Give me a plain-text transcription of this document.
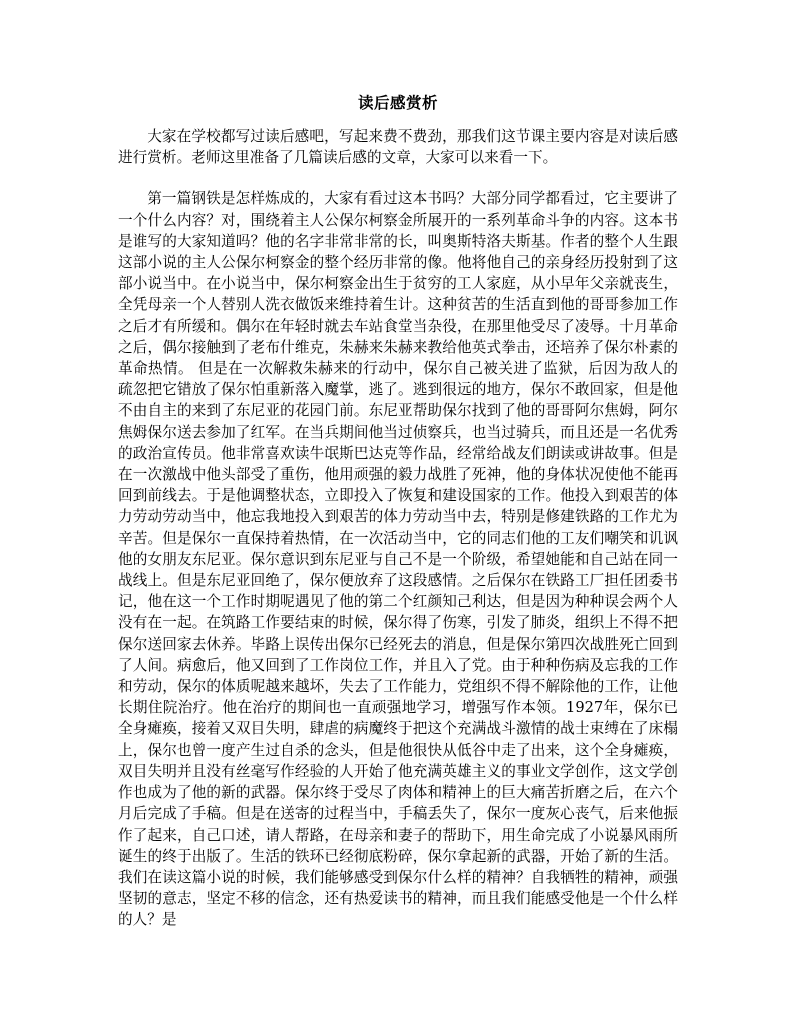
读后感赏析

大家在学校都写过读后感吧，写起来费不费劲，那我们这节课主要内容是对读后感进行赏析。老师这里准备了几篇读后感的文章，大家可以来看一下。

第一篇钢铁是怎样炼成的，大家有看过这本书吗？大部分同学都看过，它主要讲了一个什么内容？对，围绕着主人公保尔柯察金所展开的一系列革命斗争的内容。这本书是谁写的大家知道吗？他的名字非常非常的长，叫奥斯特洛夫斯基。作者的整个人生跟这部小说的主人公保尔柯察金的整个经历非常的像。他将他自己的亲身经历投射到了这部小说当中。在小说当中，保尔柯察金出生于贫穷的工人家庭，从小早年父亲就丧生，全凭母亲一个人替别人洗衣做饭来维持着生计。这种贫苦的生活直到他的哥哥参加工作之后才有所缓和。偶尔在年轻时就去车站食堂当杂役，在那里他受尽了凌辱。十月革命之后，偶尔接触到了老布什维克，朱赫来朱赫来教给他英式拳击，还培养了保尔朴素的革命热情。 但是在一次解救朱赫来的行动中，保尔自己被关进了监狱，后因为敌人的疏忽把它错放了保尔怕重新落入魔掌，逃了。逃到很远的地方，保尔不敢回家，但是他不由自主的来到了东尼亚的花园门前。东尼亚帮助保尔找到了他的哥哥阿尔焦姆，阿尔焦姆保尔送去参加了红军。在当兵期间他当过侦察兵，也当过骑兵，而且还是一名优秀的政治宣传员。他非常喜欢读牛氓斯巴达克等作品，经常给战友们朗读或讲故事。但是在一次激战中他头部受了重伤，他用顽强的毅力战胜了死神，他的身体状况使他不能再回到前线去。于是他调整状态，立即投入了恢复和建设国家的工作。他投入到艰苦的体力劳动劳动当中，他忘我地投入到艰苦的体力劳动当中去，特别是修建铁路的工作尤为辛苦。但是保尔一直保持着热情，在一次活动当中，它的同志们他的工友们嘲笑和讥讽他的女朋友东尼亚。保尔意识到东尼亚与自己不是一个阶级，希望她能和自己站在同一战线上。但是东尼亚回绝了，保尔便放弃了这段感情。之后保尔在铁路工厂担任团委书记，他在这一个工作时期呢遇见了他的第二个红颜知己利达，但是因为种种误会两个人没有在一起。在筑路工作要结束的时候，保尔得了伤寒，引发了肺炎，组织上不得不把保尔送回家去休养。毕路上误传出保尔已经死去的消息，但是保尔第四次战胜死亡回到了人间。病愈后，他又回到了工作岗位工作，并且入了党。由于种种伤病及忘我的工作和劳动，保尔的体质呢越来越坏，失去了工作能力，党组织不得不解除他的工作，让他长期住院治疗。他在治疗的期间也一直顽强地学习，增强写作本领。1927年，保尔已全身瘫痪，接着又双目失明，肆虐的病魔终于把这个充满战斗激情的战士束缚在了床榻上，保尔也曾一度产生过自杀的念头，但是他很快从低谷中走了出来，这个全身瘫痪，双目失明并且没有丝毫写作经验的人开始了他充满英雄主义的事业文学创作，这文学创作也成为了他的新的武器。保尔终于受尽了肉体和精神上的巨大痛苦折磨之后，在六个月后完成了手稿。但是在送寄的过程当中，手稿丢失了，保尔一度灰心丧气，后来他振作了起来，自己口述，请人帮路，在母亲和妻子的帮助下，用生命完成了小说暴风雨所诞生的终于出版了。生活的铁环已经彻底粉碎，保尔拿起新的武器，开始了新的生活。我们在读这篇小说的时候，我们能够感受到保尔什么样的精神？自我牺牲的精神，顽强坚韧的意志，坚定不移的信念，还有热爱读书的精神，而且我们能感受他是一个什么样的人？是
